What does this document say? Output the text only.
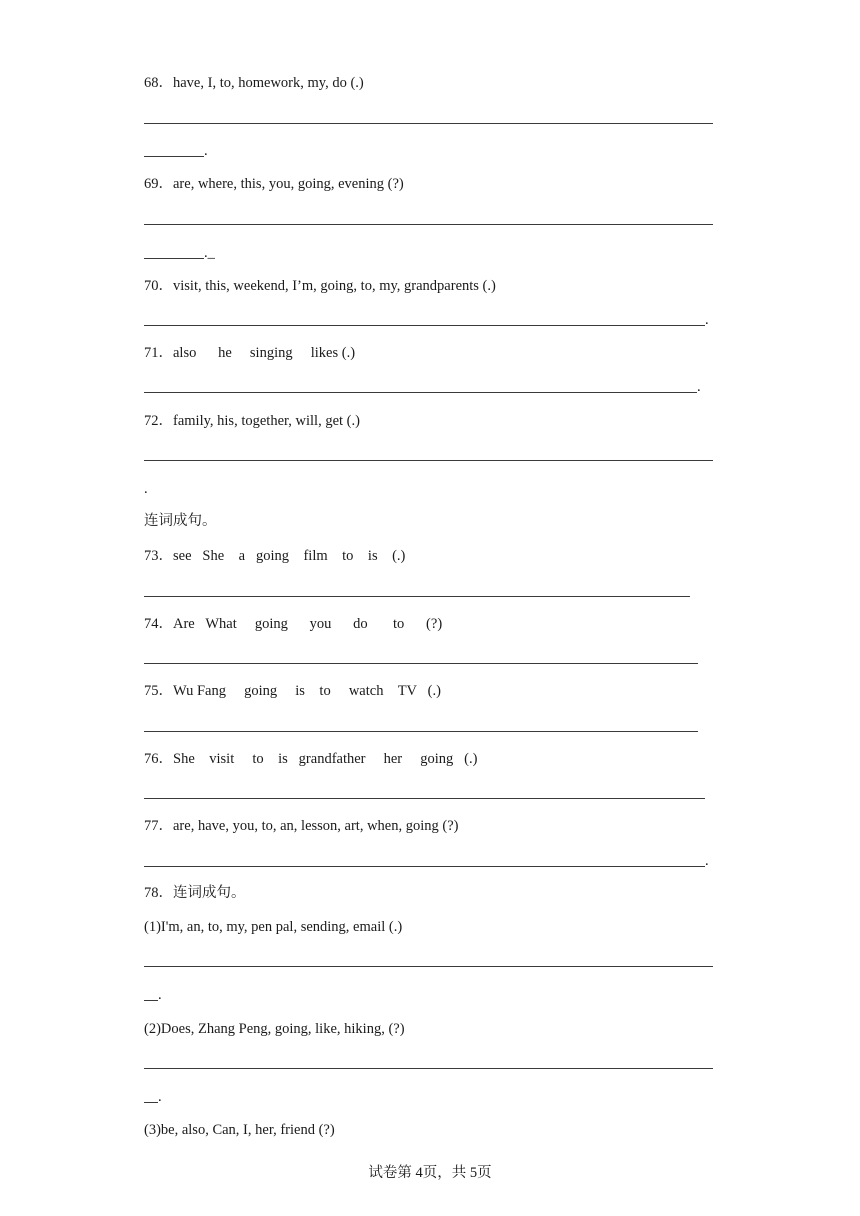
68．have, I, to, homework, my, do (.)
.
69．are, where, this, you, going, evening (?)
._
70．visit, this, weekend, I’m, going, to, my, grandparents (.)
.
71．also      he     singing     likes (.)
.
72．family, his, together, will, get (.)
.
连词成句。
73．see   She    a   going    film    to    is    (.)
74．Are   What     going      you      do       to      (?)
75．Wu Fang     going     is    to     watch    TV   (.)
76．She    visit     to    is   grandfather     her     going   (.)
77．are, have, you, to, an, lesson, art, when, going (?)
.
78．连词成句。
(1)I'm, an, to, my, pen pal, sending, email (.)
.
(2)Does, Zhang Peng, going, like, hiking, (?)
.
(3)be, also, Can, I, her, friend (?)
试卷第 4页，共 5页
